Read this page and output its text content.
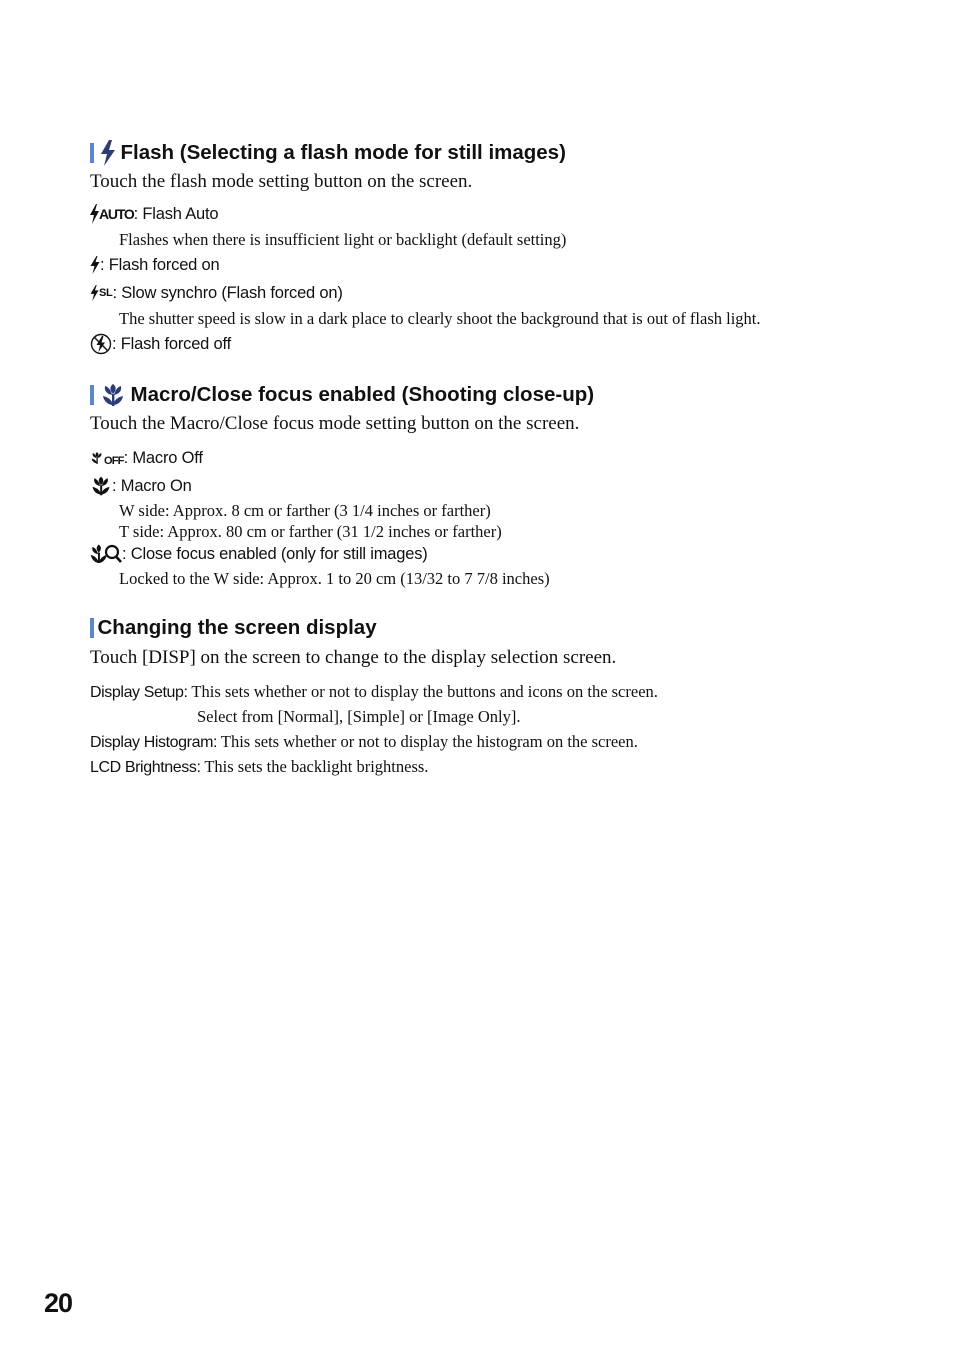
Flash (Selecting a flash mode for still images)
Touch the flash mode setting button on the screen.
AUTO : Flash Auto
Flashes when there is insufficient light or backlight (default setting)
: Flash forced on
SL : Slow synchro (Flash forced on)
The shutter speed is slow in a dark place to clearly shoot the background that is out of flash light.
: Flash forced off
Macro/Close focus enabled (Shooting close-up)
Touch the Macro/Close focus mode setting button on the screen.
OFF : Macro Off
: Macro On
W side: Approx. 8 cm or farther (3 1/4 inches or farther)
T side: Approx. 80 cm or farther (31 1/2 inches or farther)
: Close focus enabled (only for still images)
Locked to the W side: Approx. 1 to 20 cm (13/32 to 7 7/8 inches)
Changing the screen display
Touch [DISP] on the screen to change to the display selection screen.
Display Setup: This sets whether or not to display the buttons and icons on the screen.
Select from [Normal], [Simple] or [Image Only].
Display Histogram: This sets whether or not to display the histogram on the screen.
LCD Brightness: This sets the backlight brightness.
20
